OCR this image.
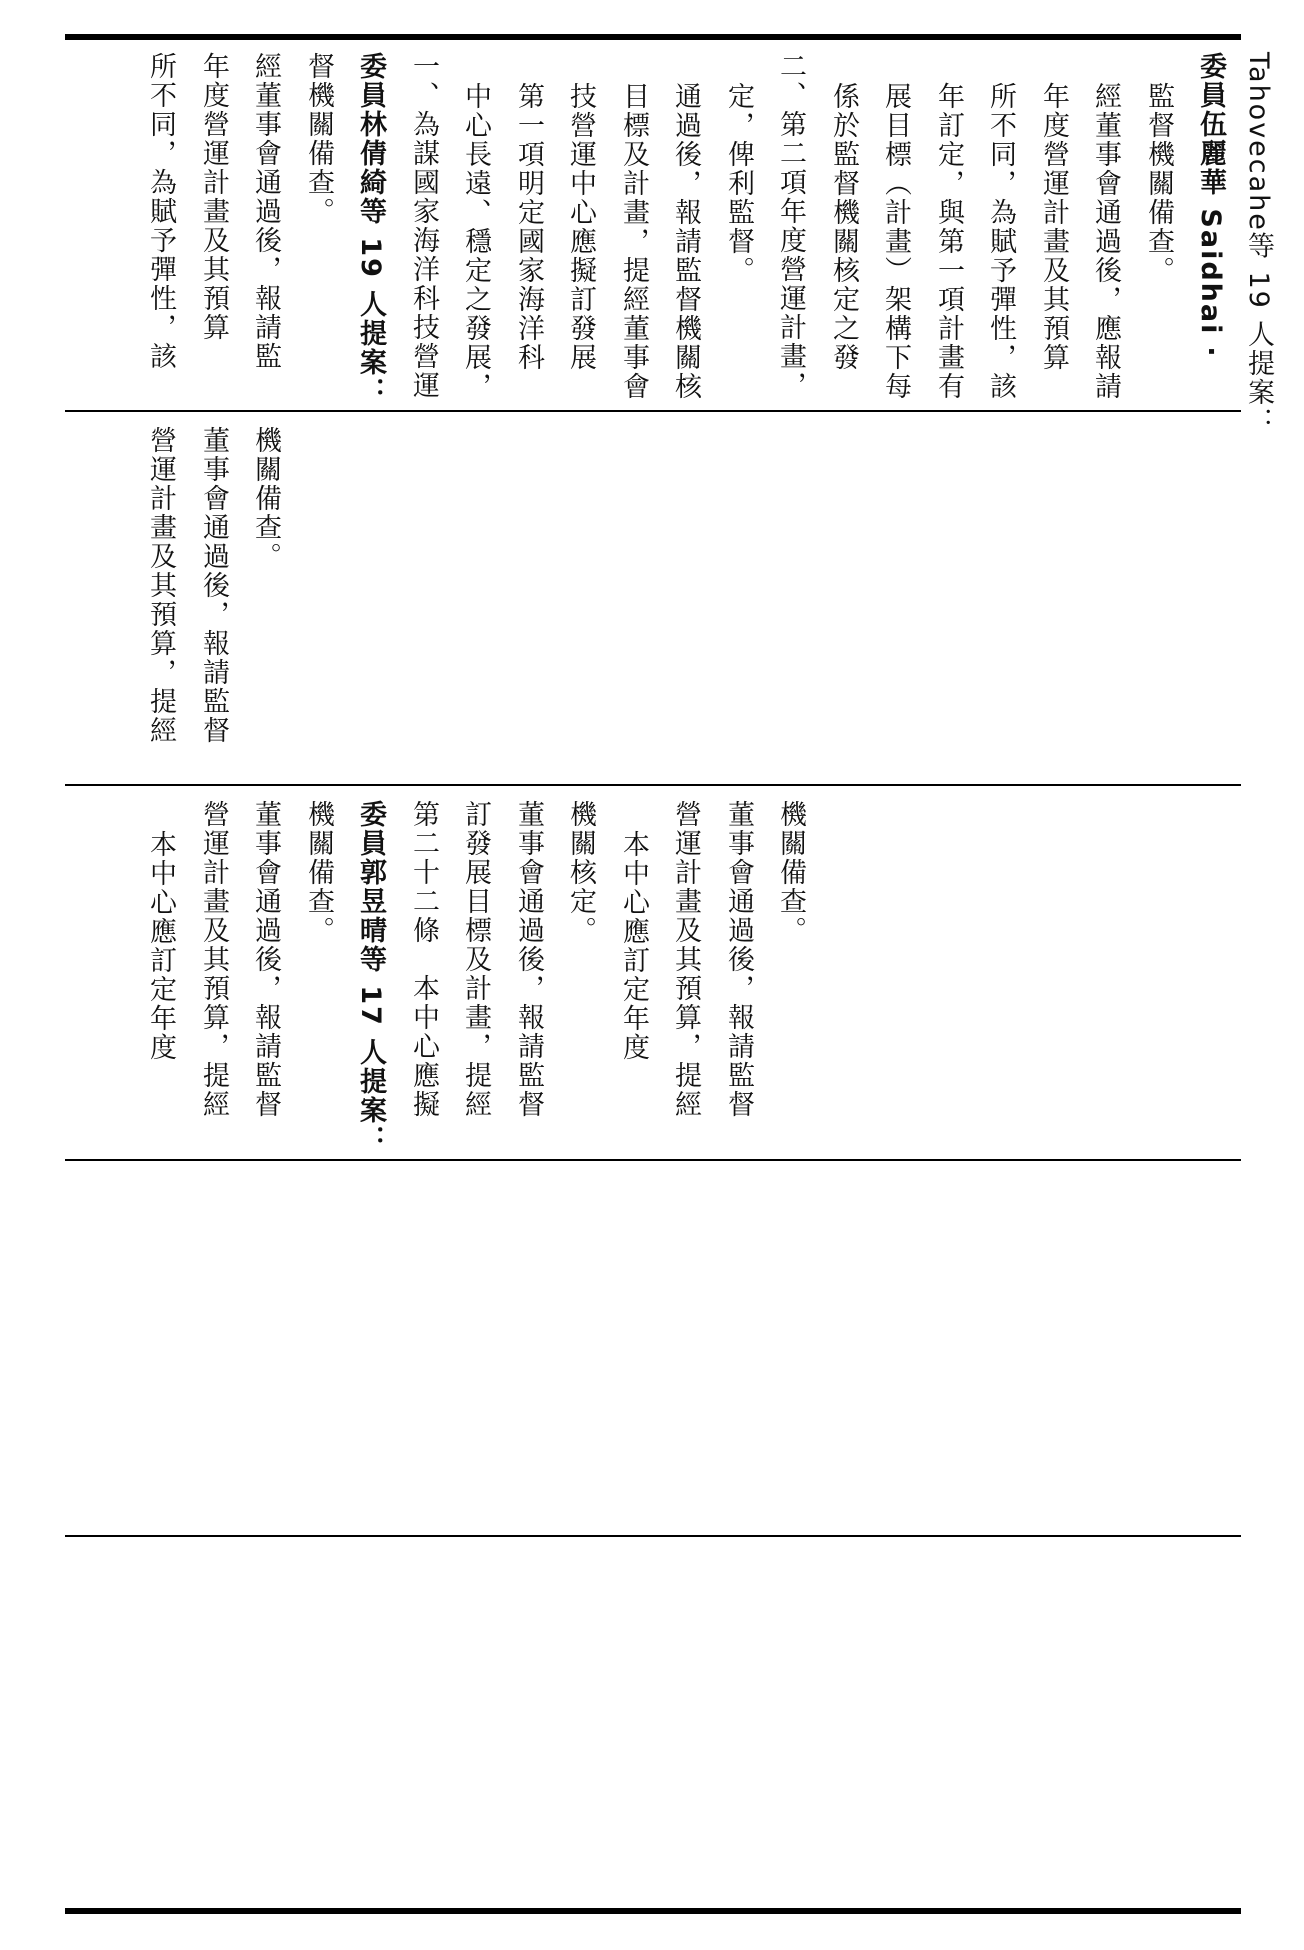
所不同，為賦予彈性，該 年度營運計畫及其預算 經董事會通過後，報請監 督機關備查。 委員林倩綺等 19 人提案： 一、為謀國家海洋科技營運 中心長遠、穩定之發展， 第一項明定國家海洋科 技營運中心應擬訂發展 目標及計畫，提經董事會 通過後，報請監督機關核 定，俾利監督。 二、第二項年度營運計畫， 係於監督機關核定之發 展目標（計畫）架構下每 年訂定，與第一項計畫有 所不同，為賦予彈性，該 年度營運計畫及其預算 經董事會通過後，應報請 監督機關備查。 委員伍麗華 Saidhai ‧ Tahovecahe等 19 人提案：
營運計畫及其預算，提經 董事會通過後，報請監督 機關備查。
本中心應訂定年度 營運計畫及其預算，提經 董事會通過後，報請監督 機關備查。 委員郭昱晴等 17 人提案： 第二十二條　本中心應擬 訂發展目標及計畫，提經 董事會通過後，報請監督 機關核定。 本中心應訂定年度 營運計畫及其預算，提經 董事會通過後，報請監督 機關備查。
